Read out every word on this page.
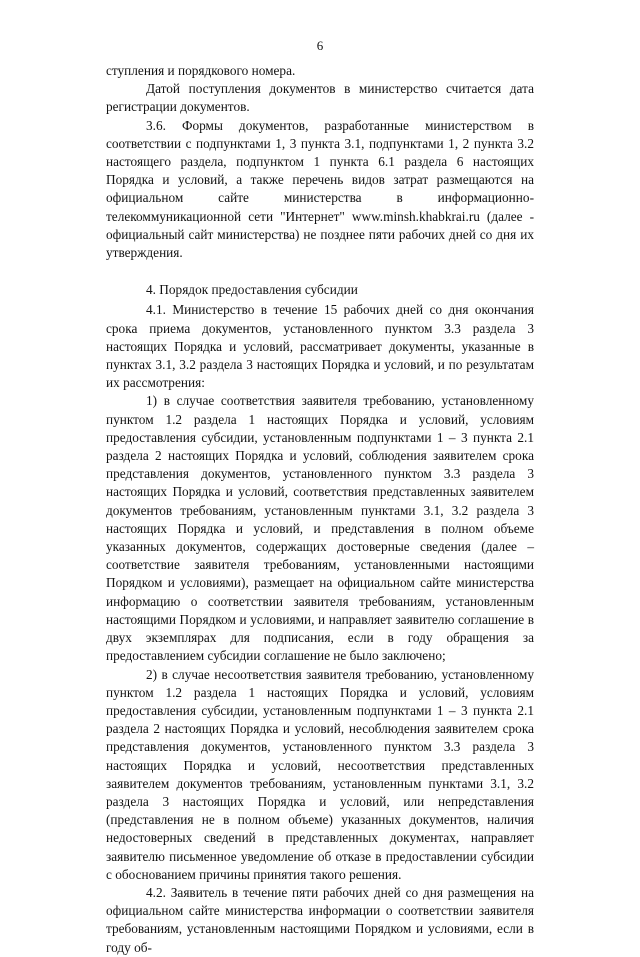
6

ступления и порядкового номера.

Датой поступления документов в министерство считается дата регистрации документов.

3.6. Формы документов, разработанные министерством в соответствии с подпунктами 1, 3 пункта 3.1, подпунктами 1, 2 пункта 3.2 настоящего раздела, подпунктом 1 пункта 6.1 раздела 6 настоящих Порядка и условий, а также перечень видов затрат размещаются на официальном сайте министерства в информационно-телекоммуникационной сети "Интернет" www.minsh.khabkrai.ru (далее - официальный сайт министерства) не позднее пяти рабочих дней со дня их утверждения.

4. Порядок предоставления субсидии

4.1. Министерство в течение 15 рабочих дней со дня окончания срока приема документов, установленного пунктом 3.3 раздела 3 настоящих Порядка и условий, рассматривает документы, указанные в пунктах 3.1, 3.2 раздела 3 настоящих Порядка и условий, и по результатам их рассмотрения:

1) в случае соответствия заявителя требованию, установленному пунктом 1.2 раздела 1 настоящих Порядка и условий, условиям предоставления субсидии, установленным подпунктами 1 – 3 пункта 2.1 раздела 2 настоящих Порядка и условий, соблюдения заявителем срока представления документов, установленного пунктом 3.3 раздела 3 настоящих Порядка и условий, соответствия представленных заявителем документов требованиям, установленным пунктами 3.1, 3.2 раздела 3 настоящих Порядка и условий, и представления в полном объеме указанных документов, содержащих достоверные сведения (далее – соответствие заявителя требованиям, установленными настоящими Порядком и условиями), размещает на официальном сайте министерства информацию о соответствии заявителя требованиям, установленным настоящими Порядком и условиями, и направляет заявителю соглашение в двух экземплярах для подписания, если в году обращения за предоставлением субсидии соглашение не было заключено;

2) в случае несоответствия заявителя требованию, установленному пунктом 1.2 раздела 1 настоящих Порядка и условий, условиям предоставления субсидии, установленным подпунктами 1 – 3 пункта 2.1 раздела 2 настоящих Порядка и условий, несоблюдения заявителем срока представления документов, установленного пунктом 3.3 раздела 3 настоящих Порядка и условий, несоответствия представленных заявителем документов требованиям, установленным пунктами 3.1, 3.2 раздела 3 настоящих Порядка и условий, или непредставления (представления не в полном объеме) указанных документов, наличия недостоверных сведений в представленных документах, направляет заявителю письменное уведомление об отказе в предоставлении субсидии с обоснованием причины принятия такого решения.

4.2. Заявитель в течение пяти рабочих дней со дня размещения на официальном сайте министерства информации о соответствии заявителя требованиям, установленным настоящими Порядком и условиями, если в году об-
